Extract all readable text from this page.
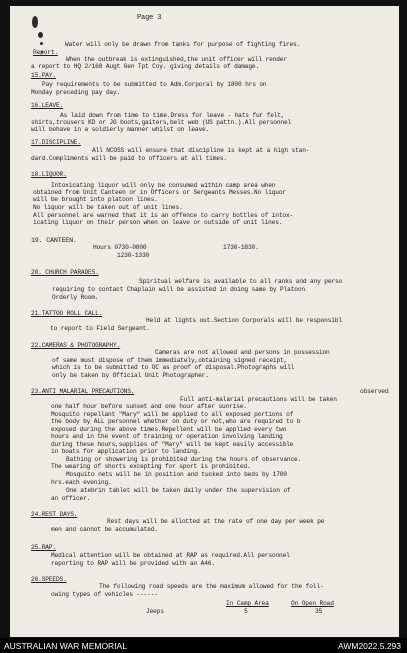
Page 3
Water will only be drawn from tanks for purpose of fighting fires.
Report.
When the outbreak is extinguished,the unit officer will render
a report to HQ 2/168 Augt Gen Tpt Coy. giving details of damage.
15.PAY.
Pay requirements to be submitted to Adm.Corporal by 1800 hrs on
Monday preceding pay day.
16.LEAVE.
As laid down from time to time.Dress for leave - hats fur felt,
shirts,trousers KD or JG boots,gaiters,belt web (US pattn.).All personnel
will behave in a soldierly manner whilst on leave.
17.DISCIPLINE.
All NCOSS will ensure that discipline is kept at a high stan-
dard.Compliments will be paid to officers at all times.
18.LIQUOR.
Intoxicating liquor will only be consumed within camp area when
obtained from Unit Canteen or in Officers or Sergeants Messes.No liquor
will be brought into platoon lines.
No liquor will be taken out of unit lines.
All personnel are warned that it is an offence to carry bottles of intox-
icating liquor on their person when on leave or outside of unit lines.
19. CANTEEN.
Hours 0730-0800	1730-1830.
1230-1330
20. CHURCH PARADES.
Spiritual welfare is available to all ranks and any perso
requiring to contact Chaplain will be assisted in doing same by Platoon
Orderly Room.
21.TATTOO ROLL CALL.
Held at lights out.Section Corporals will be responsibl
to report to Field Sergeant.
22.CAMERAS & PHOTOGRAPHY.
Cameras are not allowed and persons in possession
of same must dispose of them immediately,obtaining signed receipt,
which is to be submitted to OC as proof of disposal.Photographs will
only be taken by Official Unit Photographer.
23.ANTI MALARIAL PRECAUTIONS.	observed
Full anti-malarial precautions will be taken
one half hour before sunset and one hour after sunrise.
Mosquito repellant "Mary" will be applied to all exposed portions of
the body by ALL personnel whether on duty or not,who are required to b
exposed during the above times.Repellent will be applied every two
hours and in the event of training or operation involving landing
during these hours,supplies of "Mary" will be kept easily accessible
in boats for application prior to landing.
Bathing or showering is prohibited during the hours of observance.
The wearing of shorts excepting for sport is prohibited.
Mosquito nets will be in position and tucked into beds by 1700
hrs.each evening.
One atebrin tablet will be taken daily under the supervision of
an officer.
24.REST DAYS.
Rest days will be allotted at the rate of one day per week pe
men and cannot be accumulated.
25.RAP.
Medical attention will be obtained at RAP as required.All personnel
reporting to RAP will be provided with an A46.
26.SPEEDS.
The following road speeds are the maximum allowed for the foll-
owing types of vehicles ------
In Camp Area	On Open Road
Jeeps	5	35
AUSTRALIAN WAR MEMORIAL	AWM2022.5.293
